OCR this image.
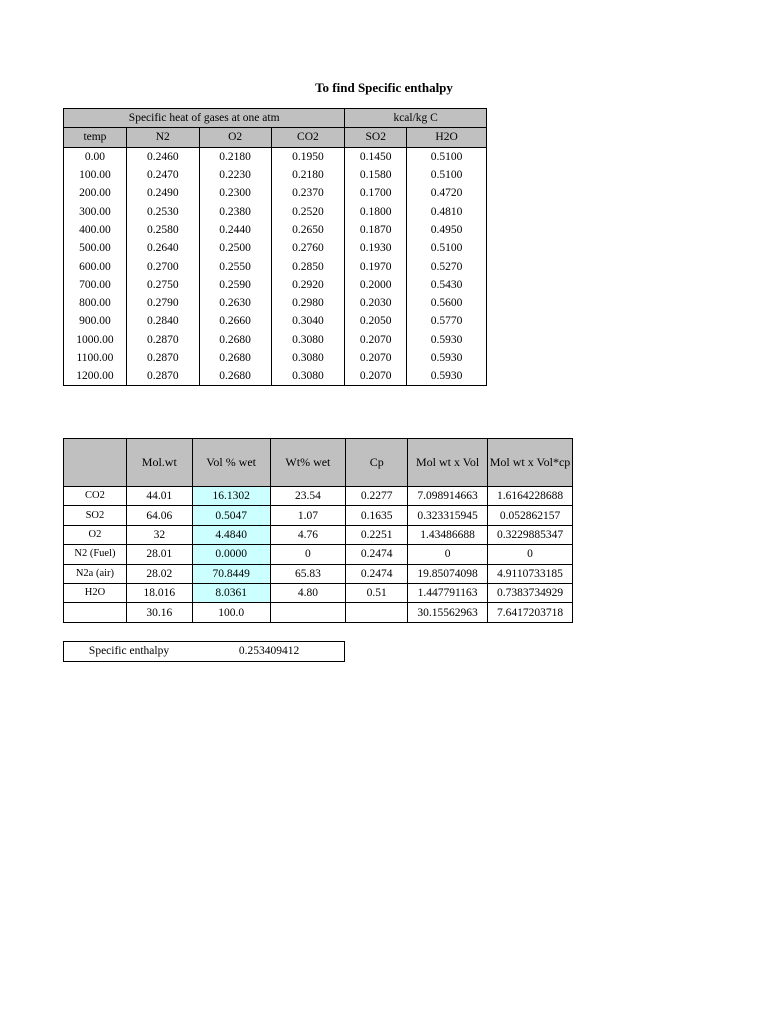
To find Specific enthalpy
Specific heat of gases at one atm				kcal/kg C	
temp	N2	O2	CO2	SO2	H2O
0.00	0.2460	0.2180	0.1950	0.1450	0.5100
100.00	0.2470	0.2230	0.2180	0.1580	0.5100
200.00	0.2490	0.2300	0.2370	0.1700	0.4720
300.00	0.2530	0.2380	0.2520	0.1800	0.4810
400.00	0.2580	0.2440	0.2650	0.1870	0.4950
500.00	0.2640	0.2500	0.2760	0.1930	0.5100
600.00	0.2700	0.2550	0.2850	0.1970	0.5270
700.00	0.2750	0.2590	0.2920	0.2000	0.5430
800.00	0.2790	0.2630	0.2980	0.2030	0.5600
900.00	0.2840	0.2660	0.3040	0.2050	0.5770
1000.00	0.2870	0.2680	0.3080	0.2070	0.5930
1100.00	0.2870	0.2680	0.3080	0.2070	0.5930
1200.00	0.2870	0.2680	0.3080	0.2070	0.5930
	Mol.wt	Vol % wet	Wt% wet	Cp	Mol wt x Vol	Mol wt x Vol*cp
CO2	44.01	16.1302	23.54	0.2277	7.098914663	1.6164228688
SO2	64.06	0.5047	1.07	0.1635	0.323315945	0.052862157
O2	32	4.4840	4.76	0.2251	1.43486688	0.3229885347
N2 (Fuel)	28.01	0.0000	0	0.2474	0	0
N2a (air)	28.02	70.8449	65.83	0.2474	19.85074098	4.9110733185
H2O	18.016	8.0361	4.80	0.51	1.447791163	0.7383734929
	30.16	100.0			30.15562963	7.6417203718
Specific enthalpy	0.253409412
